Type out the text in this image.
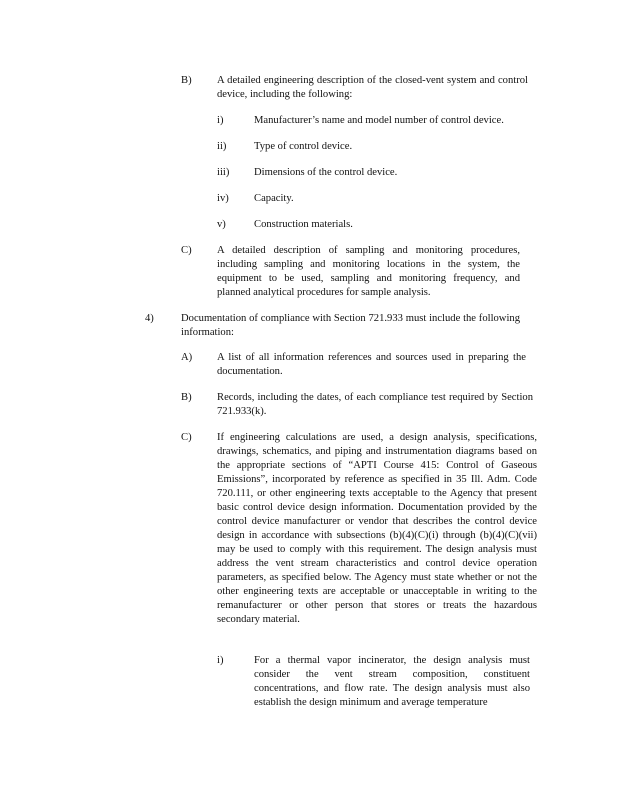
B) A detailed engineering description of the closed-vent system and control device, including the following:
i)	Manufacturer’s name and model number of control device.
ii)	Type of control device.
iii) Dimensions of the control device.
iv) Capacity.
v)	Construction materials.
C) A detailed description of sampling and monitoring procedures, including sampling and monitoring locations in the system, the equipment to be used, sampling and monitoring frequency, and planned analytical procedures for sample analysis.
4)	Documentation of compliance with Section 721.933 must include the following information:
A) A list of all information references and sources used in preparing the documentation.
B) Records, including the dates, of each compliance test required by Section 721.933(k).
C) If engineering calculations are used, a design analysis, specifications, drawings, schematics, and piping and instrumentation diagrams based on the appropriate sections of “APTI Course 415: Control of Gaseous Emissions”, incorporated by reference as specified in 35 Ill. Adm. Code 720.111, or other engineering texts acceptable to the Agency that present basic control device design information. Documentation provided by the control device manufacturer or vendor that describes the control device design in accordance with subsections (b)(4)(C)(i) through (b)(4)(C)(vii) may be used to comply with this requirement. The design analysis must address the vent stream characteristics and control device operation parameters, as specified below. The Agency must state whether or not the other engineering texts are acceptable or unacceptable in writing to the remanufacturer or other person that stores or treats the hazardous secondary material.
i)	For a thermal vapor incinerator, the design analysis must consider the vent stream composition, constituent concentrations, and flow rate. The design analysis must also establish the design minimum and average temperature
